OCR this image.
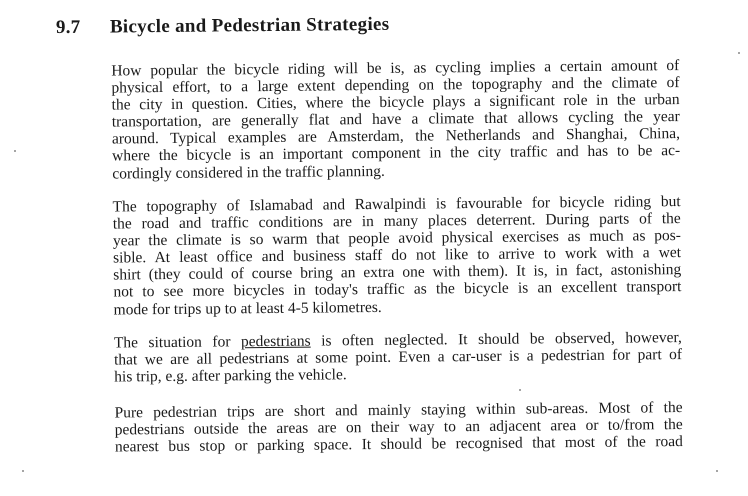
9.7 Bicycle and Pedestrian Strategies
How popular the bicycle riding will be is, as cycling implies a certain amount of
physical effort, to a large extent depending on the topography and the climate of
the city in question. Cities, where the bicycle plays a significant role in the urban
transportation, are generally flat and have a climate that allows cycling the year
around. Typical examples are Amsterdam, the Netherlands and Shanghai, China,
where the bicycle is an important component in the city traffic and has to be ac-
cordingly considered in the traffic planning.
The topography of Islamabad and Rawalpindi is favourable for bicycle riding but
the road and traffic conditions are in many places deterrent. During parts of the
year the climate is so warm that people avoid physical exercises as much as pos-
sible. At least office and business staff do not like to arrive to work with a wet
shirt (they could of course bring an extra one with them). It is, in fact, astonishing
not to see more bicycles in today's traffic as the bicycle is an excellent transport
mode for trips up to at least 4-5 kilometres.
The situation for pedestrians is often neglected. It should be observed, however,
that we are all pedestrians at some point. Even a car-user is a pedestrian for part of
his trip, e.g. after parking the vehicle.
Pure pedestrian trips are short and mainly staying within sub-areas. Most of the
pedestrians outside the areas are on their way to an adjacent area or to/from the
nearest bus stop or parking space. It should be recognised that most of the road
